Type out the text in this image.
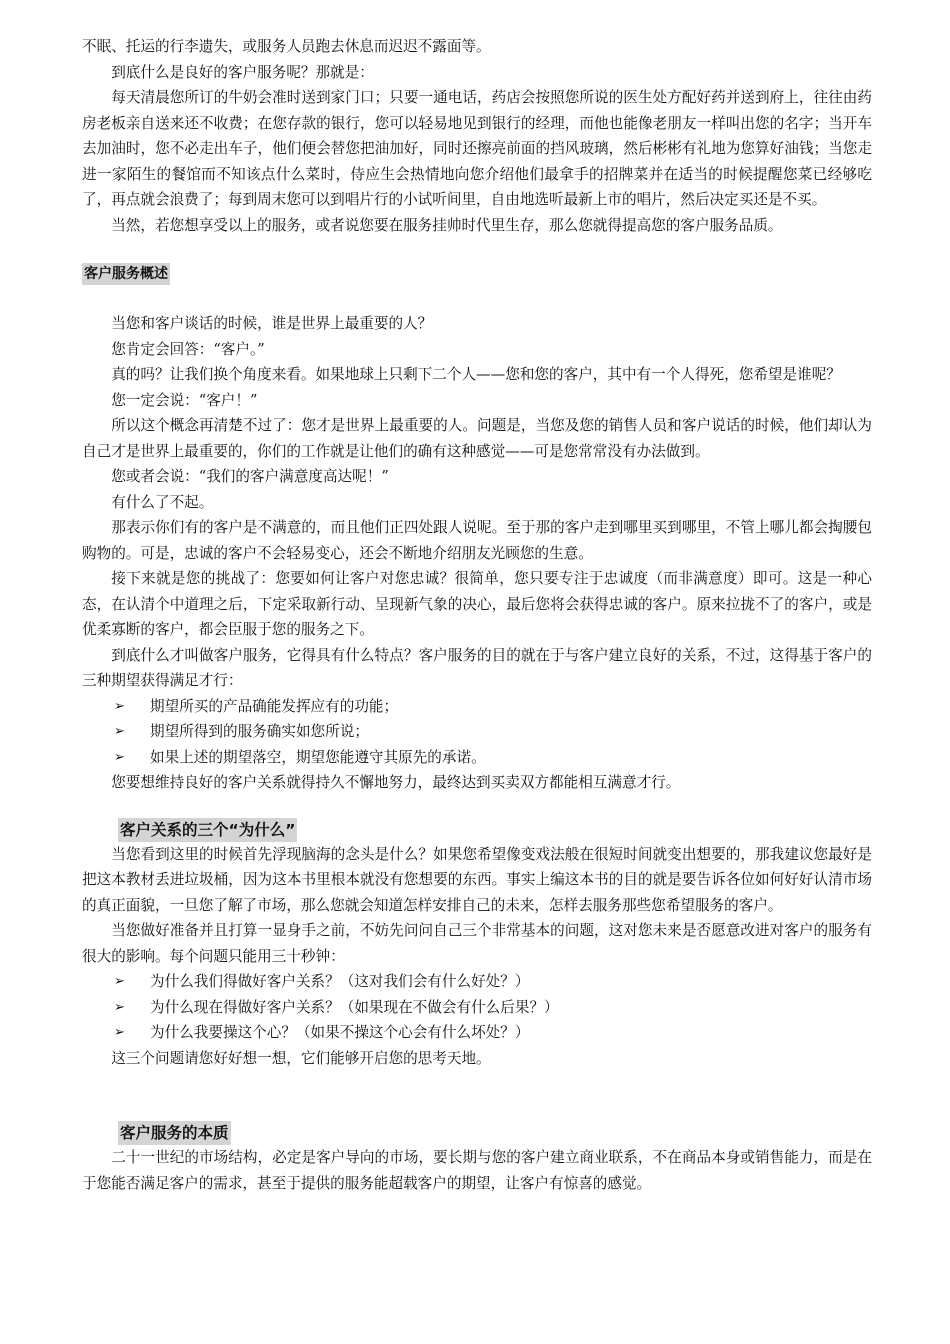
不眠、托运的行李遗失，或服务人员跑去休息而迟迟不露面等。

到底什么是良好的客户服务呢？那就是：

每天清晨您所订的牛奶会准时送到家门口；只要一通电话，药店会按照您所说的医生处方配好药并送到府上，往往由药房老板亲自送来还不收费；在您存款的银行，您可以轻易地见到银行的经理，而他也能像老朋友一样叫出您的名字；当开车去加油时，您不必走出车子，他们便会替您把油加好，同时还擦亮前面的挡风玻璃，然后彬彬有礼地为您算好油钱；当您走进一家陌生的餐馆而不知该点什么菜时，侍应生会热情地向您介绍他们最拿手的招牌菜并在适当的时候提醒您菜已经够吃了，再点就会浪费了；每到周末您可以到唱片行的小试听间里，自由地选听最新上市的唱片，然后决定买还是不买。

当然，若您想享受以上的服务，或者说您要在服务挂帅时代里生存，那么您就得提高您的客户服务品质。

客户服务概述

当您和客户谈话的时候，谁是世界上最重要的人？

您肯定会回答：“客户。”

真的吗？让我们换个角度来看。如果地球上只剩下二个人——您和您的客户，其中有一个人得死，您希望是谁呢？

您一定会说：“客户！”

所以这个概念再清楚不过了：您才是世界上最重要的人。问题是，当您及您的销售人员和客户说话的时候，他们却认为自己才是世界上最重要的，你们的工作就是让他们的确有这种感觉——可是您常常没有办法做到。

您或者会说：“我们的客户满意度高达呢！”

有什么了不起。

那表示你们有的客户是不满意的，而且他们正四处跟人说呢。至于那的客户走到哪里买到哪里，不管上哪儿都会掏腰包购物的。可是，忠诚的客户不会轻易变心，还会不断地介绍朋友光顾您的生意。

接下来就是您的挑战了：您要如何让客户对您忠诚？很简单，您只要专注于忠诚度（而非满意度）即可。这是一种心态，在认清个中道理之后，下定采取新行动、呈现新气象的决心，最后您将会获得忠诚的客户。原来拉拢不了的客户，或是优柔寡断的客户，都会臣服于您的服务之下。

到底什么才叫做客户服务，它得具有什么特点？客户服务的目的就在于与客户建立良好的关系，不过，这得基于客户的三种期望获得满足才行：

➢ 期望所买的产品确能发挥应有的功能；
➢ 期望所得到的服务确实如您所说；
➢ 如果上述的期望落空，期望您能遵守其原先的承诺。

您要想维持良好的客户关系就得持久不懈地努力，最终达到买卖双方都能相互满意才行。

客户关系的三个“为什么”

当您看到这里的时候首先浮现脑海的念头是什么？如果您希望像变戏法般在很短时间就变出想要的，那我建议您最好是把这本教材丢进垃圾桶，因为这本书里根本就没有您想要的东西。事实上编这本书的目的就是要告诉各位如何好好认清市场的真正面貌，一旦您了解了市场，那么您就会知道怎样安排自己的未来，怎样去服务那些您希望服务的客户。

当您做好准备并且打算一显身手之前，不妨先问问自己三个非常基本的问题，这对您未来是否愿意改进对客户的服务有很大的影响。每个问题只能用三十秒钟：

➢ 为什么我们得做好客户关系？（这对我们会有什么好处？）
➢ 为什么现在得做好客户关系？（如果现在不做会有什么后果？）
➢ 为什么我要操这个心？（如果不操这个心会有什么坏处？）

这三个问题请您好好想一想，它们能够开启您的思考天地。

客户服务的本质

二十一世纪的市场结构，必定是客户导向的市场，要长期与您的客户建立商业联系，不在商品本身或销售能力，而是在于您能否满足客户的需求，甚至于提供的服务能超载客户的期望，让客户有惊喜的感觉。
